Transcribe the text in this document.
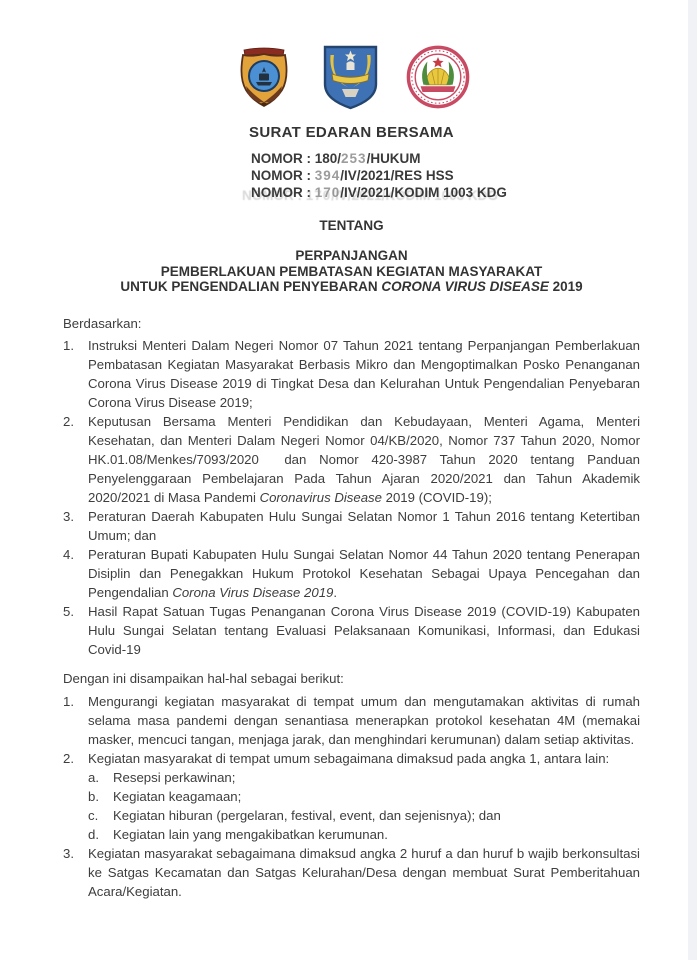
SURAT EDARAN BERSAMA
NOMOR : 180/253/HUKUM
NOMOR : 394/IV/2021/RES HSS
NOMOR : 170/IV/2021/KODIM 1003 KDG
TENTANG
PERPANJANGAN
PEMBERLAKUAN PEMBATASAN KEGIATAN MASYARAKAT
UNTUK PENGENDALIAN PENYEBARAN CORONA VIRUS DISEASE 2019
Berdasarkan:
1.	Instruksi Menteri Dalam Negeri Nomor 07 Tahun 2021 tentang Perpanjangan Pemberlakuan Pembatasan Kegiatan Masyarakat Berbasis Mikro dan Mengoptimalkan Posko Penanganan Corona Virus Disease 2019 di Tingkat Desa dan Kelurahan Untuk Pengendalian Penyebaran Corona Virus Disease 2019;
2.	Keputusan Bersama Menteri Pendidikan dan Kebudayaan, Menteri Agama, Menteri Kesehatan, dan Menteri Dalam Negeri Nomor 04/KB/2020, Nomor 737 Tahun 2020, Nomor HK.01.08/Menkes/7093/2020  dan Nomor 420-3987 Tahun 2020 tentang Panduan Penyelenggaraan Pembelajaran Pada Tahun Ajaran 2020/2021 dan Tahun Akademik 2020/2021 di Masa Pandemi Coronavirus Disease 2019 (COVID-19);
3.	Peraturan Daerah Kabupaten Hulu Sungai Selatan Nomor 1 Tahun 2016 tentang Ketertiban Umum; dan
4.	Peraturan Bupati Kabupaten Hulu Sungai Selatan Nomor 44 Tahun 2020 tentang Penerapan Disiplin dan Penegakkan Hukum Protokol Kesehatan Sebagai Upaya Pencegahan dan Pengendalian Corona Virus Disease 2019.
5.	Hasil Rapat Satuan Tugas Penanganan Corona Virus Disease 2019 (COVID-19) Kabupaten Hulu Sungai Selatan tentang Evaluasi Pelaksanaan Komunikasi, Informasi, dan Edukasi Covid-19
Dengan ini disampaikan hal-hal sebagai berikut:
1.	Mengurangi kegiatan masyarakat di tempat umum dan mengutamakan aktivitas di rumah selama masa pandemi dengan senantiasa menerapkan protokol kesehatan 4M (memakai masker, mencuci tangan, menjaga jarak, dan menghindari kerumunan) dalam setiap aktivitas.
2.	Kegiatan masyarakat di tempat umum sebagaimana dimaksud pada angka 1, antara lain:
a.	Resepsi perkawinan;
b.	Kegiatan keagamaan;
c.	Kegiatan hiburan (pergelaran, festival, event, dan sejenisnya); dan
d.	Kegiatan lain yang mengakibatkan kerumunan.
3.	Kegiatan masyarakat sebagaimana dimaksud angka 2 huruf a dan huruf b wajib berkonsultasi ke Satgas Kecamatan dan Satgas Kelurahan/Desa dengan membuat Surat Pemberitahuan Acara/Kegiatan.
